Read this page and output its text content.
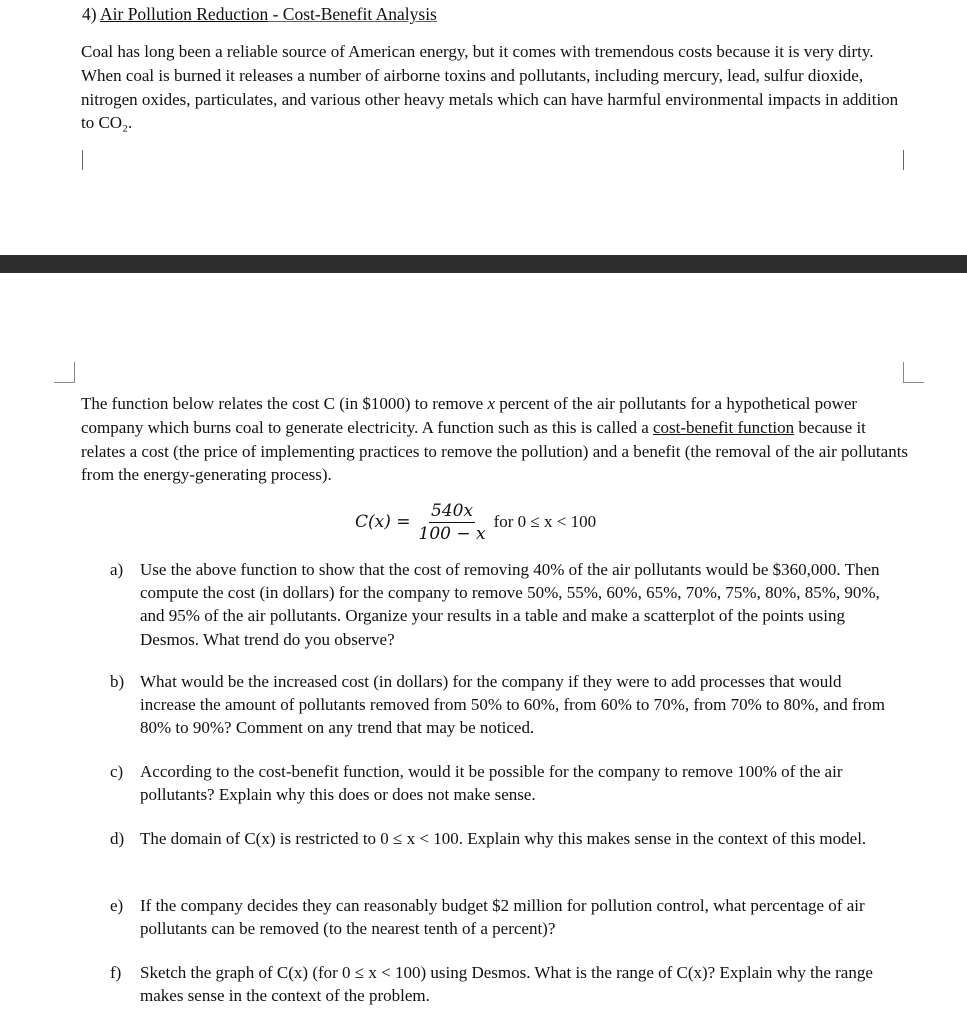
4) Air Pollution Reduction - Cost-Benefit Analysis
Coal has long been a reliable source of American energy, but it comes with tremendous costs because it is very dirty. When coal is burned it releases a number of airborne toxins and pollutants, including mercury, lead, sulfur dioxide, nitrogen oxides, particulates, and various other heavy metals which can have harmful environmental impacts in addition to CO₂.
The function below relates the cost C (in $1000) to remove x percent of the air pollutants for a hypothetical power company which burns coal to generate electricity. A function such as this is called a cost-benefit function because it relates a cost (the price of implementing practices to remove the pollution) and a benefit (the removal of the air pollutants from the energy-generating process).
$C(x) = \frac{540x}{100 - x}$ for 0 ≤ x < 100
a) Use the above function to show that the cost of removing 40% of the air pollutants would be $360,000. Then compute the cost (in dollars) for the company to remove 50%, 55%, 60%, 65%, 70%, 75%, 80%, 85%, 90%, and 95% of the air pollutants. Organize your results in a table and make a scatterplot of the points using Desmos. What trend do you observe?
b) What would be the increased cost (in dollars) for the company if they were to add processes that would increase the amount of pollutants removed from 50% to 60%, from 60% to 70%, from 70% to 80%, and from 80% to 90%? Comment on any trend that may be noticed.
c) According to the cost-benefit function, would it be possible for the company to remove 100% of the air pollutants? Explain why this does or does not make sense.
d) The domain of C(x) is restricted to 0 ≤ x < 100. Explain why this makes sense in the context of this model.
e) If the company decides they can reasonably budget $2 million for pollution control, what percentage of air pollutants can be removed (to the nearest tenth of a percent)?
f)	Sketch the graph of C(x) (for 0 ≤ x < 100) using Desmos. What is the range of C(x)? Explain why the range makes sense in the context of the problem.
